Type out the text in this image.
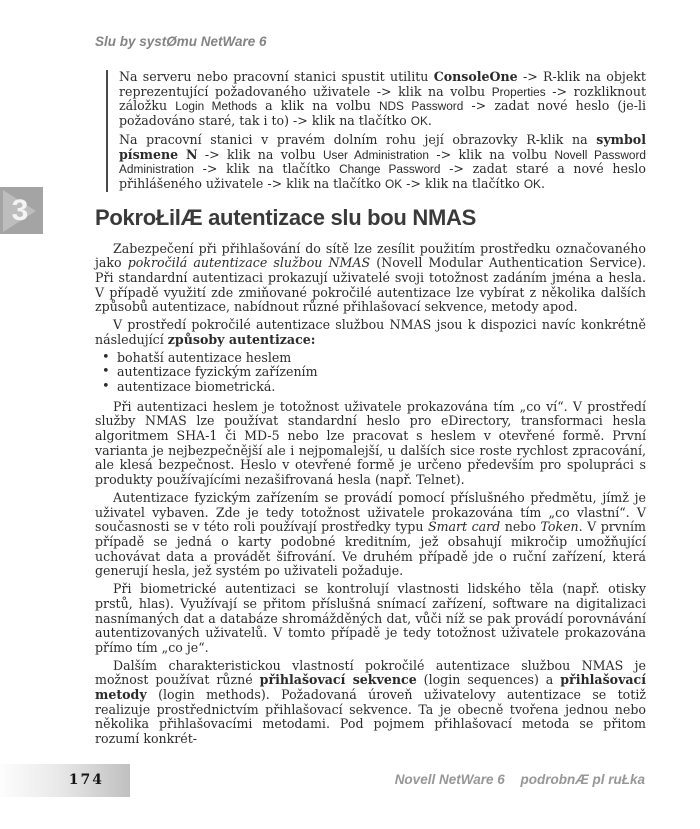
Slu by systØmu NetWare 6
3

Na serveru nebo pracovní stanici spustit utilitu ConsoleOne -> R-klik na objekt reprezentující požadovaného uživatele -> klik na volbu Properties -> rozkliknout záložku Login Methods a klik na volbu NDS Password -> zadat nové heslo (je-li požadováno staré, tak i to) -> klik na tlačítko OK.

Na pracovní stanici v pravém dolním rohu její obrazovky R-klik na symbol písmene N -> klik na volbu User Administration -> klik na volbu Novell Password Administration -> klik na tlačítko Change Password -> zadat staré a nové heslo přihlášeného uživatele -> klik na tlačítko OK -> klik na tlačítko OK.

PokroŁilÆ autentizace slu bou NMAS

Zabezpečení při přihlašování do sítě lze zesílit použitím prostředku označovaného jako pokročilá autentizace službou NMAS (Novell Modular Authentication Service). Při standardní autentizaci prokazují uživatelé svoji totožnost zadáním jména a hesla. V případě využití zde zmiňované pokročilé autentizace lze vybírat z několika dalších způsobů autentizace, nabídnout různé přihlašovací sekvence, metody apod.

V prostředí pokročilé autentizace službou NMAS jsou k dispozici navíc konkrétně následující způsoby autentizace:

• bohatší autentizace heslem
• autentizace fyzickým zařízením
• autentizace biometrická.

Při autentizaci heslem je totožnost uživatele prokazována tím „co ví“. V prostředí služby NMAS lze používat standardní heslo pro eDirectory, transformaci hesla algoritmem SHA-1 či MD-5 nebo lze pracovat s heslem v otevřené formě. První varianta je nejbezpečnější ale i nejpomalejší, u dalších sice roste rychlost zpracování, ale klesá bezpečnost. Heslo v otevřené formě je určeno především pro spolupráci s produkty používajícími nezašifrovaná hesla (např. Telnet).

Autentizace fyzickým zařízením se provádí pomocí příslušného předmětu, jímž je uživatel vybaven. Zde je tedy totožnost uživatele prokazována tím „co vlastní“. V současnosti se v této roli používají prostředky typu Smart card nebo Token. V prvním případě se jedná o karty podobné kreditním, jež obsahují mikročip umožňující uchovávat data a provádět šifrování. Ve druhém případě jde o ruční zařízení, která generují hesla, jež systém po uživateli požaduje.

Při biometrické autentizaci se kontrolují vlastnosti lidského těla (např. otisky prstů, hlas). Využívají se přitom příslušná snímací zařízení, software na digitalizaci nasnímaných dat a databáze shromážděných dat, vůči níž se pak provádí porovnávání autentizovaných uživatelů. V tomto případě je tedy totožnost uživatele prokazována přímo tím „co je“.

Dalším charakteristickou vlastností pokročilé autentizace službou NMAS je možnost používat různé přihlašovací sekvence (login sequences) a přihlašovací metody (login methods). Požadovaná úroveň uživatelovy autentizace se totiž realizuje prostřednictvím přihlašovací sekvence. Ta je obecně tvořena jednou nebo několika přihlašovacími metodami. Pod pojmem přihlašovací metoda se přitom rozumí konkrét-

174	Novell NetWare 6 podrobnÆ pl ruŁka
